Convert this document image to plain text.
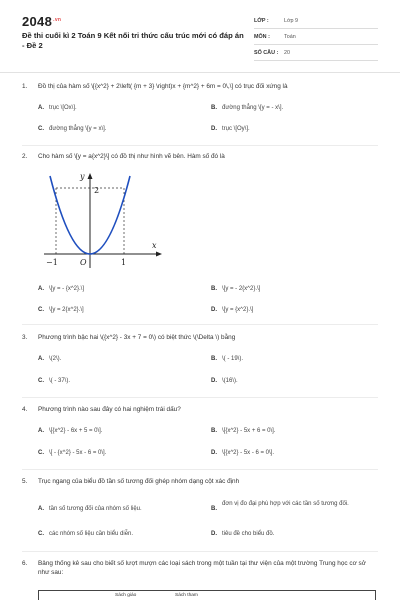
$2048^{.vn}$
Đề thi cuối kì 2 Toán 9 Kết nối tri thức cấu trúc mới có đáp án - Đề 2
LỚP :	Lớp 9
MÔN :	Toán
SỐ CÂU :	20
1.	Đồ thị của hàm số \[{x^2} + 2\left( {m + 3} \right)x + {m^2} + 6m = 0\,\] có trục đối xứng là
A. trục \[Ox\].	B. đường thẳng \[y = - x\].
C. đường thẳng \[y = x\].	D. trục \[Oy\].
2.	Cho hàm số \[y = a{x^2}\] có đồ thị như hình vẽ bên. Hàm số đó là
y
x
O
2
−1	1
A. \[y = - {x^2}.\]	B. \[y = - 2{x^2}.\]
C. \[y = 2{x^2}.\]	D. \[y = {x^2}.\]
3.	Phương trình bậc hai \({x^2} - 3x + 7 = 0\) có biệt thức \(\Delta \) bằng
A. \(2\).	B. \( - 19\).
C. \( - 37\).	D. \(16\).
4.	Phương trình nào sau đây có hai nghiệm trái dấu?
A. \[{x^2} - 6x + 5 = 0\].	B. \[{x^2} - 5x + 6 = 0\].
C. \[ - {x^2} - 5x - 6 = 0\].	D. \[{x^2} - 5x - 6 = 0\].
5.	Trục ngang của biểu đồ tần số tương đối ghép nhóm dạng cột xác định
A. tần số tương đối của nhóm số liệu.	B.
đơn vị đo đại phù hợp với các tần số tương đối.
C. các nhóm số liệu cần biểu diễn.	D. tiêu đề cho biểu đồ.
6.	Bảng thống kê sau cho biết số lượt mượn các loại sách trong một tuần tại thư viện của một trường Trung học cơ sở như sau:
Sách giáo	Sách tham
